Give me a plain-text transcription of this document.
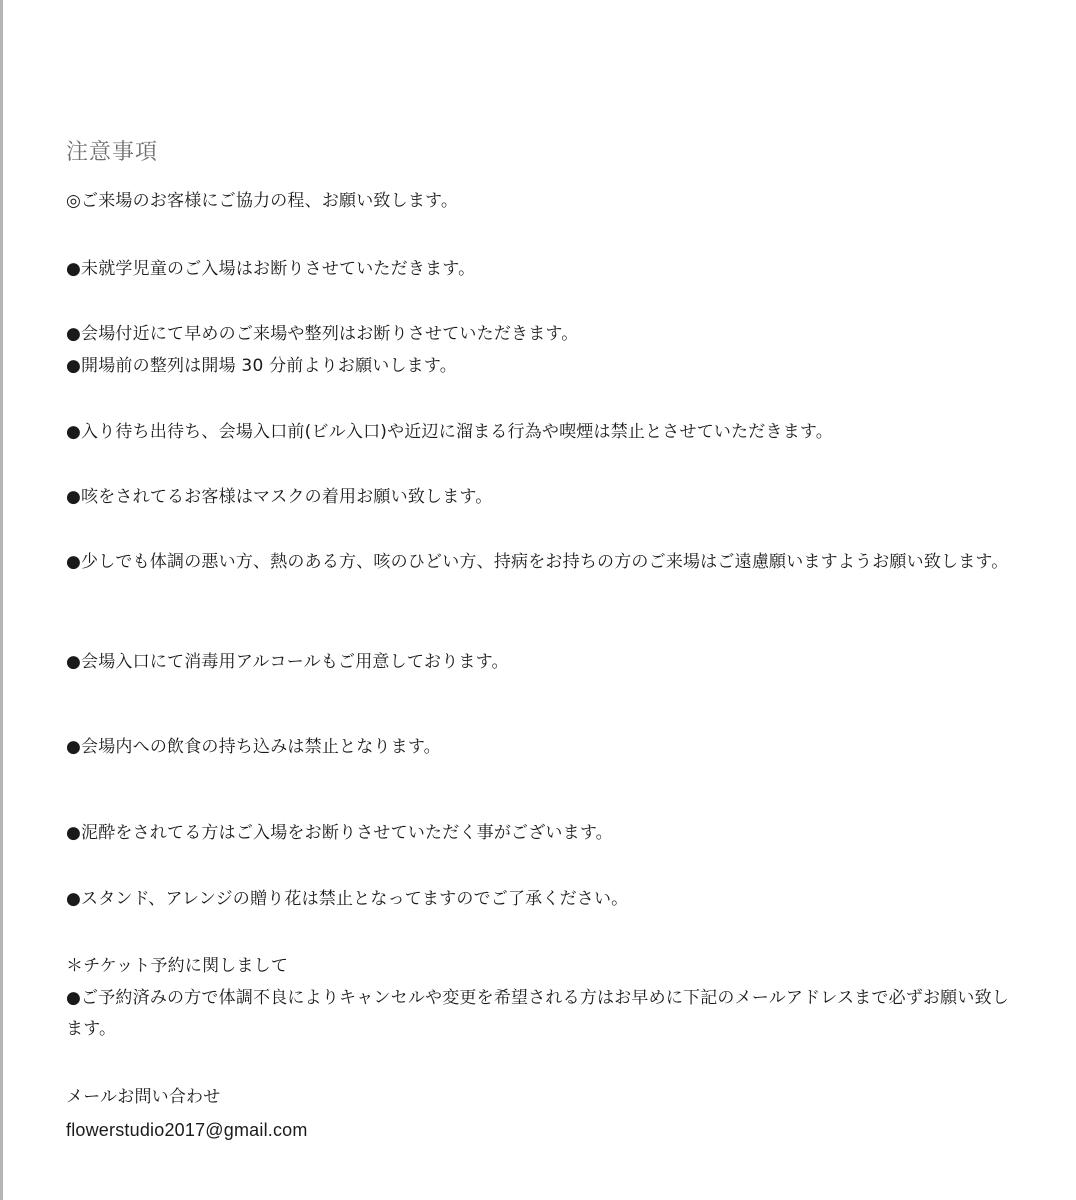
注意事項
◎ご来場のお客様にご協力の程、お願い致します。
●未就学児童のご入場はお断りさせていただきます。
●会場付近にて早めのご来場や整列はお断りさせていただきます。
●開場前の整列は開場 30 分前よりお願いします。
●入り待ち出待ち、会場入口前(ビル入口)や近辺に溜まる行為や喫煙は禁止とさせていただきます。
●咳をされてるお客様はマスクの着用お願い致します。
●少しでも体調の悪い方、熱のある方、咳のひどい方、持病をお持ちの方のご来場はご遠慮願いますようお願い致します。
●会場入口にて消毒用アルコールもご用意しております。
●会場内への飲食の持ち込みは禁止となります。
●泥酔をされてる方はご入場をお断りさせていただく事がございます。
●スタンド、アレンジの贈り花は禁止となってますのでご了承ください。
＊チケット予約に関しまして
●ご予約済みの方で体調不良によりキャンセルや変更を希望される方はお早めに下記のメールアドレスまで必ずお願い致します。
メールお問い合わせ
flowerstudio2017@gmail.com
